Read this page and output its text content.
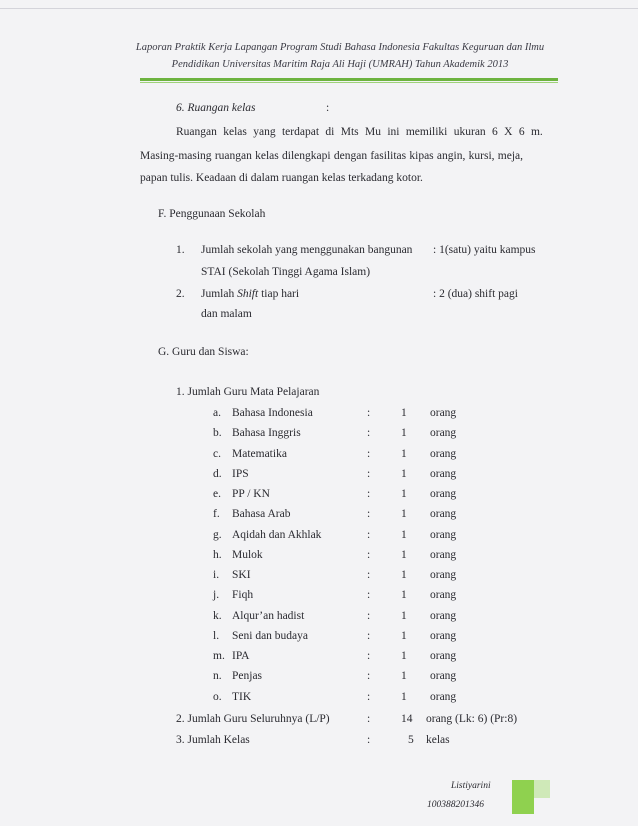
Laporan Praktik Kerja Lapangan Program Studi Bahasa Indonesia Fakultas Keguruan dan Ilmu
Pendidikan Universitas Maritim Raja Ali Haji (UMRAH) Tahun Akademik 2013
6. Ruangan kelas	:
Ruangan kelas yang terdapat di Mts Mu ini memiliki ukuran 6 X 6 m.
Masing-masing ruangan kelas dilengkapi dengan fasilitas kipas angin, kursi, meja,
papan tulis. Keadaan di dalam ruangan kelas terkadang kotor.
F. Penggunaan Sekolah
1. Jumlah sekolah yang menggunakan bangunan : 1(satu) yaitu kampus
STAI (Sekolah Tinggi Agama Islam)
2. Jumlah Shift tiap hari	: 2 (dua) shift pagi
dan malam
G. Guru dan Siswa:
1. Jumlah Guru Mata Pelajaran
a. Bahasa Indonesia	:	1 orang
b. Bahasa Inggris	:	1 orang
c. Matematika	:	1 orang
d. IPS	:	1 orang
e. PP / KN	:	1 orang
f. Bahasa Arab	:	1 orang
g. Aqidah dan Akhlak	:	1 orang
h. Mulok	:	1 orang
i. SKI	:	1 orang
j. Fiqh	:	1 orang
k. Alqur’an hadist	:	1 orang
l. Seni dan budaya	:	1 orang
m. IPA	:	1 orang
n. Penjas	:	1 orang
o. TIK	:	1 orang
2. Jumlah Guru Seluruhnya (L/P)	:	14 orang (Lk: 6) (Pr:8)
3. Jumlah Kelas	:	5 kelas
Listiyarini
100388201346
